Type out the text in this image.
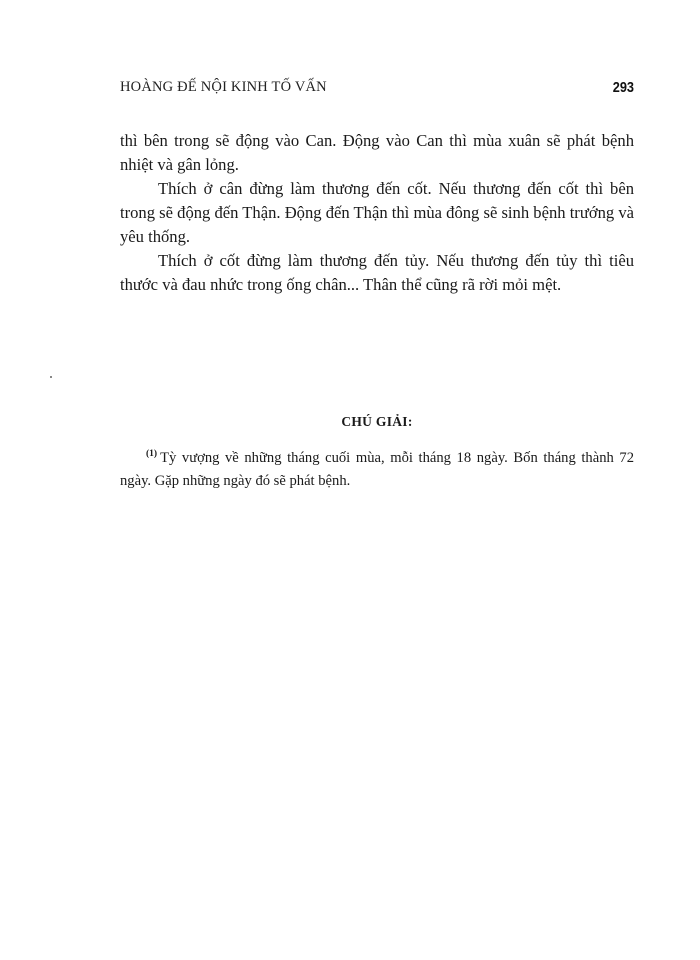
HOÀNG ĐẾ NỘI KINH TỐ VẤN	293

thì bên trong sẽ động vào Can. Động vào Can thì mùa xuân sẽ phát bệnh nhiệt và gân lỏng.

Thích ở cân đừng làm thương đến cốt. Nếu thương đến cốt thì bên trong sẽ động đến Thận. Động đến Thận thì mùa đông sẽ sinh bệnh trướng và yêu thống.

Thích ở cốt đừng làm thương đến tủy. Nếu thương đến tủy thì tiêu thước và đau nhức trong ống chân... Thân thể cũng rã rời mỏi mệt.

CHÚ GIẢI:

$^{(1)}$ Tỳ vượng về những tháng cuối mùa, mỗi tháng 18 ngày. Bốn tháng thành 72 ngày. Gặp những ngày đó sẽ phát bệnh.
